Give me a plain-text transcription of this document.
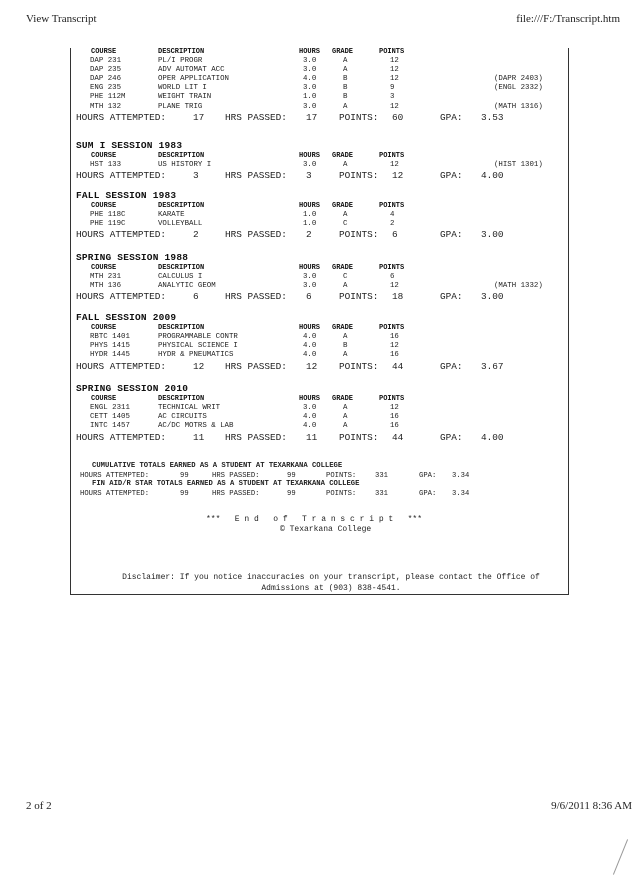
View Transcript	file:///F:/Transcript.htm
COURSE	DESCRIPTION	HOURS GRADE	POINTS
DAP 231	PL/I PROGR	3.0	A	12
DAP 235	ADV AUTOMAT ACC	3.0	A	12
DAP 246	OPER APPLICATION	4.0	B	12	(DAPR 2403)
ENG 235	WORLD LIT I	3.0	B	9	(ENGL 2332)
PHE 112M	WEIGHT TRAIN	1.0	B	3
MTH 132	PLANE TRIG	3.0	A	12	(MATH 1316)
HOURS ATTEMPTED:	17 HRS PASSED: 17 POINTS: 60	GPA: 3.53
SUM I SESSION 1983
COURSE	DESCRIPTION	HOURS GRADE	POINTS
HST 133	US HISTORY I	3.0	A	12	(HIST 1301)
HOURS ATTEMPTED:	3	HRS PASSED: 3	POINTS: 12	GPA: 4.00
FALL SESSION 1983
COURSE	DESCRIPTION	HOURS GRADE	POINTS
PHE 118C	KARATE	1.0	A	4
PHE 119C	VOLLEYBALL	1.0	C	2
HOURS ATTEMPTED:	2	HRS PASSED: 2	POINTS: 6	GPA: 3.00
SPRING SESSION 1988
COURSE	DESCRIPTION	HOURS GRADE	POINTS
MTH 231	CALCULUS I	3.0	C	6
MTH 136	ANALYTIC GEOM	3.0	A	12	(MATH 1332)
HOURS ATTEMPTED:	6	HRS PASSED: 6	POINTS: 18	GPA: 3.00
FALL SESSION 2009
COURSE	DESCRIPTION	HOURS GRADE	POINTS
RBTC 1401	PROGRAMMABLE CONTR	4.0	A	16
PHYS 1415	PHYSICAL SCIENCE I	4.0	B	12
HYDR 1445	HYDR & PNEUMATICS	4.0	A	16
HOURS ATTEMPTED:	12 HRS PASSED: 12 POINTS: 44	GPA: 3.67
SPRING SESSION 2010
COURSE	DESCRIPTION	HOURS GRADE	POINTS
ENGL 2311	TECHNICAL WRIT	3.0	A	12
CETT 1405	AC CIRCUITS	4.0	A	16
INTC 1457	AC/DC MOTRS & LAB	4.0	A	16
HOURS ATTEMPTED:	11 HRS PASSED: 11 POINTS: 44	GPA: 4.00
CUMULATIVE TOTALS EARNED AS A STUDENT AT TEXARKANA COLLEGE
HOURS ATTEMPTED:	99	HRS PASSED:	99	POINTS:	331	GPA: 3.34
FIN AID/R STAR TOTALS EARNED AS A STUDENT AT TEXARKANA COLLEGE
HOURS ATTEMPTED:	99	HRS PASSED:	99	POINTS:	331	GPA: 3.34
***   E n d   o f   T r a n s c r i p t   ***
© Texarkana College
Disclaimer: If you notice inaccuracies on your transcript, please contact the Office of
Admissions at (903) 838-4541.
2 of 2	9/6/2011 8:36 AM
